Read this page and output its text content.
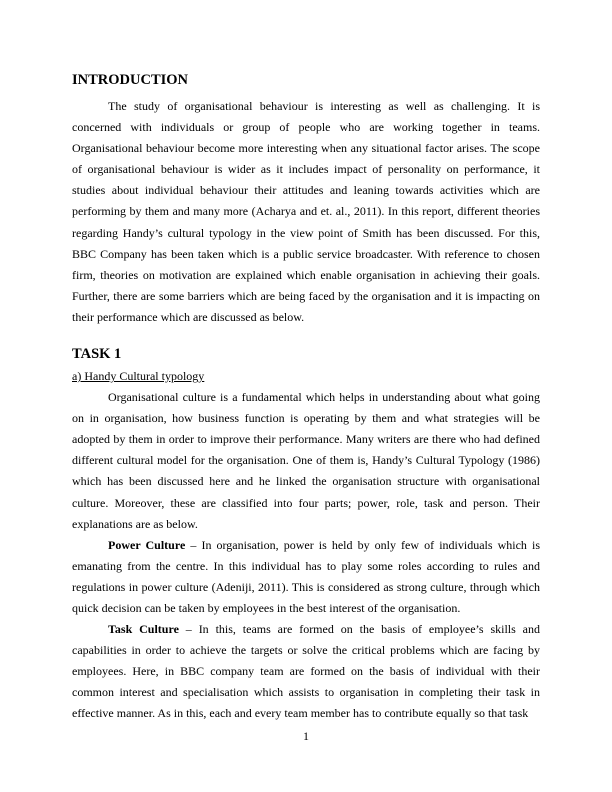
INTRODUCTION

The study of organisational behaviour is interesting as well as challenging. It is concerned with individuals or group of people who are working together in teams. Organisational behaviour become more interesting when any situational factor arises. The scope of organisational behaviour is wider as it includes impact of personality on performance, it studies about individual behaviour their attitudes and leaning towards activities which are performing by them and many more (Acharya and et. al., 2011). In this report, different theories regarding Handy’s cultural typology in the view point of Smith has been discussed. For this, BBC Company has been taken which is a public service broadcaster. With reference to chosen firm, theories on motivation are explained which enable organisation in achieving their goals. Further, there are some barriers which are being faced by the organisation and it is impacting on their performance which are discussed as below.

TASK 1
a) Handy Cultural typology

Organisational culture is a fundamental which helps in understanding about what going on in organisation, how business function is operating by them and what strategies will be adopted by them in order to improve their performance. Many writers are there who had defined different cultural model for the organisation. One of them is, Handy’s Cultural Typology (1986) which has been discussed here and he linked the organisation structure with organisational culture. Moreover, these are classified into four parts; power, role, task and person. Their explanations are as below.

Power Culture – In organisation, power is held by only few of individuals which is emanating from the centre. In this individual has to play some roles according to rules and regulations in power culture (Adeniji, 2011). This is considered as strong culture, through which quick decision can be taken by employees in the best interest of the organisation.

Task Culture – In this, teams are formed on the basis of employee’s skills and capabilities in order to achieve the targets or solve the critical problems which are facing by employees. Here, in BBC company team are formed on the basis of individual with their common interest and specialisation which assists to organisation in completing their task in effective manner. As in this, each and every team member has to contribute equally so that task

1
